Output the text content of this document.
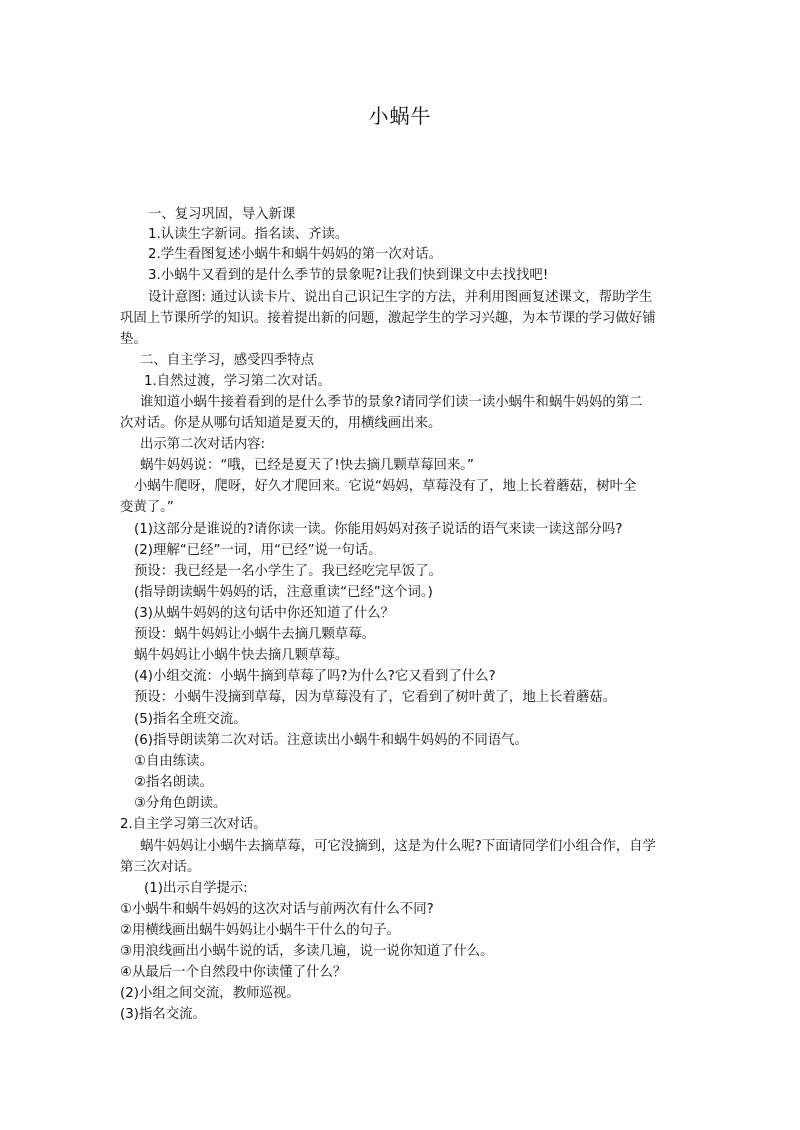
小蜗牛
一、复习巩固，导入新课
1.认读生字新词。指名读、齐读。
2.学生看图复述小蜗牛和蜗牛妈妈的第一次对话。
3.小蜗牛又看到的是什么季节的景象呢?让我们快到课文中去找找吧!
设计意图: 通过认读卡片、说出自己识记生字的方法，并利用图画复述课文，帮助学生
巩固上节课所学的知识。接着提出新的问题，激起学生的学习兴趣，为本节课的学习做好铺
垫。
二、自主学习，感受四季特点
1.自然过渡，学习第二次对话。
谁知道小蜗牛接着看到的是什么季节的景象?请同学们读一读小蜗牛和蜗牛妈妈的第二
次对话。你是从哪句话知道是夏天的，用横线画出来。
出示第二次对话内容:
蜗牛妈妈说：“哦，已经是夏天了!快去摘几颗草莓回来。”
小蜗牛爬呀，爬呀，好久才爬回来。它说“妈妈，草莓没有了，地上长着蘑菇，树叶全
变黄了。”
(1)这部分是谁说的?请你读一读。你能用妈妈对孩子说话的语气来读一读这部分吗?
(2)理解“已经”一词，用“已经”说一句话。
预设：我已经是一名小学生了。我已经吃完早饭了。
(指导朗读蜗牛妈妈的话，注意重读“已经”这个词。)
(3)从蜗牛妈妈的这句话中你还知道了什么？
预设：蜗牛妈妈让小蜗牛去摘几颗草莓。
蜗牛妈妈让小蜗牛快去摘几颗草莓。
(4)小组交流：小蜗牛摘到草莓了吗?为什么?它又看到了什么?
预设：小蜗牛没摘到草莓，因为草莓没有了，它看到了树叶黄了，地上长着蘑菇。
(5)指名全班交流。
(6)指导朗读第二次对话。注意读出小蜗牛和蜗牛妈妈的不同语气。
①自由练读。
②指名朗读。
③分角色朗读。
2.自主学习第三次对话。
蜗牛妈妈让小蜗牛去摘草莓，可它没摘到，这是为什么呢?下面请同学们小组合作，自学
第三次对话。
(1)出示自学提示:
①小蜗牛和蜗牛妈妈的这次对话与前两次有什么不同?
②用横线画出蜗牛妈妈让小蜗牛干什么的句子。
③用浪线画出小蜗牛说的话，多读几遍，说一说你知道了什么。
④从最后一个自然段中你读懂了什么？
(2)小组之间交流，教师巡视。
(3)指名交流。
